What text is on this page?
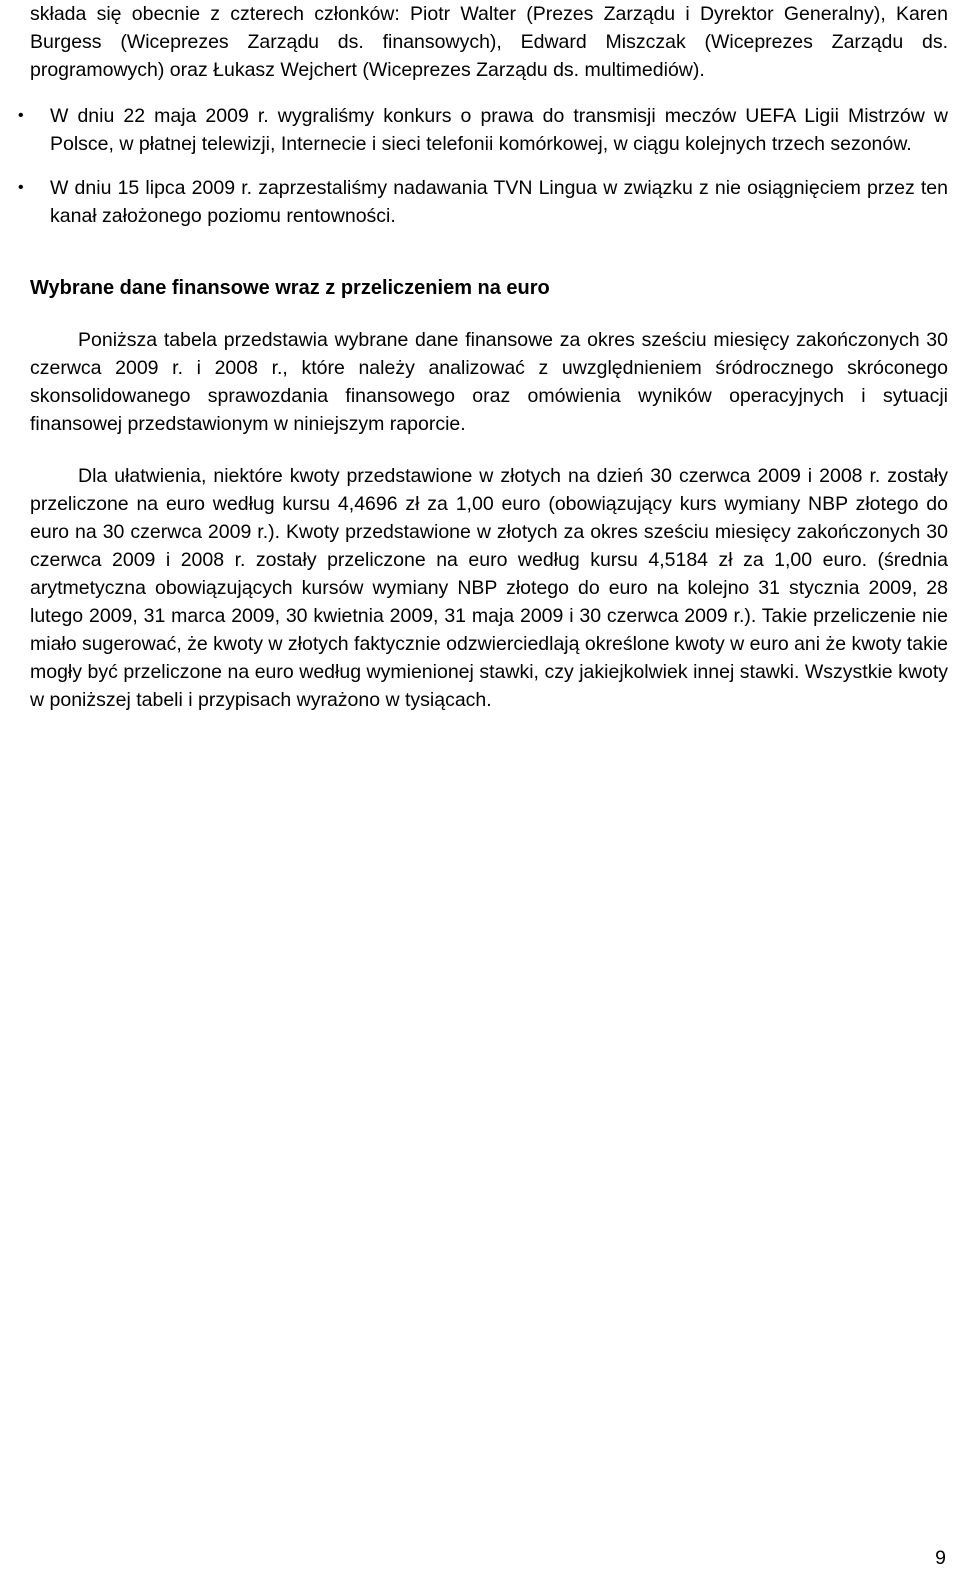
składa się obecnie z czterech członków: Piotr Walter (Prezes Zarządu i Dyrektor Generalny), Karen Burgess (Wiceprezes Zarządu ds. finansowych), Edward Miszczak (Wiceprezes Zarządu ds. programowych) oraz Łukasz Wejchert (Wiceprezes Zarządu ds. multimediów).

• W dniu 22 maja 2009 r. wygraliśmy konkurs o prawa do transmisji meczów UEFA Ligii Mistrzów w Polsce, w płatnej telewizji, Internecie i sieci telefonii komórkowej, w ciągu kolejnych trzech sezonów.

• W dniu 15 lipca 2009 r. zaprzestaliśmy nadawania TVN Lingua w związku z nie osiągnięciem przez ten kanał założonego poziomu rentowności.

Wybrane dane finansowe wraz z przeliczeniem na euro

Poniższa tabela przedstawia wybrane dane finansowe za okres sześciu miesięcy zakończonych 30 czerwca 2009 r. i 2008 r., które należy analizować z uwzględnieniem śródrocznego skróconego skonsolidowanego sprawozdania finansowego oraz omówienia wyników operacyjnych i sytuacji finansowej przedstawionym w niniejszym raporcie.

Dla ułatwienia, niektóre kwoty przedstawione w złotych na dzień 30 czerwca 2009 i 2008 r. zostały przeliczone na euro według kursu 4,4696 zł za 1,00 euro (obowiązujący kurs wymiany NBP złotego do euro na 30 czerwca 2009 r.). Kwoty przedstawione w złotych za okres sześciu miesięcy zakończonych 30 czerwca 2009 i 2008 r. zostały przeliczone na euro według kursu 4,5184 zł za 1,00 euro. (średnia arytmetyczna obowiązujących kursów wymiany NBP złotego do euro na kolejno 31 stycznia 2009, 28 lutego 2009, 31 marca 2009, 30 kwietnia 2009, 31 maja 2009 i 30 czerwca 2009 r.). Takie przeliczenie nie miało sugerować, że kwoty w złotych faktycznie odzwierciedlają określone kwoty w euro ani że kwoty takie mogły być przeliczone na euro według wymienionej stawki, czy jakiejkolwiek innej stawki. Wszystkie kwoty w poniższej tabeli i przypisach wyrażono w tysiącach.

9
